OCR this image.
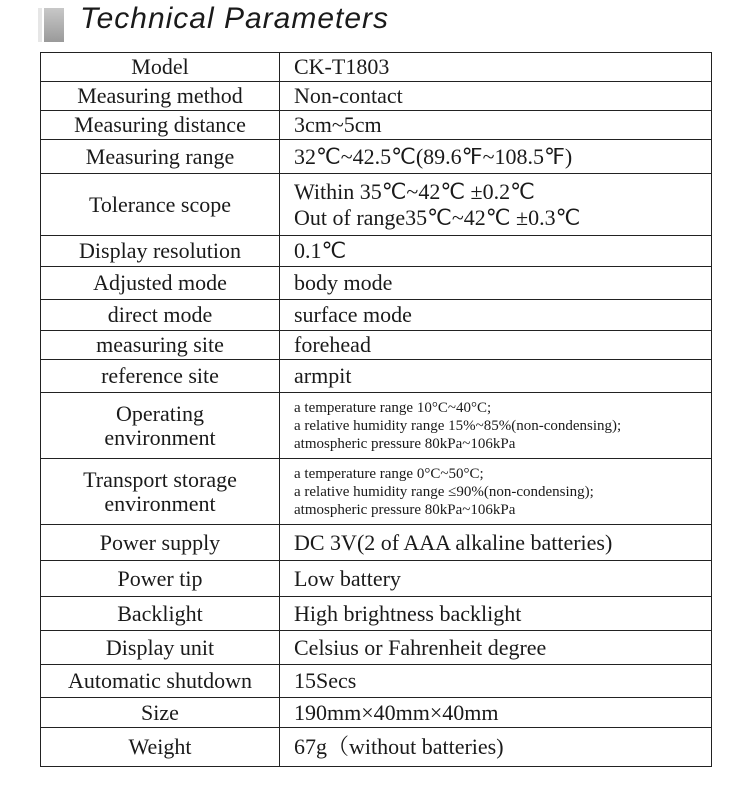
Technical Parameters
Model	CK-T1803
Measuring method	Non-contact
Measuring distance	3cm~5cm
Measuring range	32℃~42.5℃(89.6℉~108.5℉)
Tolerance scope	Within 35℃~42℃ ±0.2℃
Out of range35℃~42℃ ±0.3℃

Display resolution	0.1℃
Adjusted mode	body mode
direct mode	surface mode
measuring site	forehead
reference site	armpit

Operating
environment	a temperature range 10°C~40°C;
a relative humidity range 15%~85%(non-condensing);
atmospheric pressure 80kPa~106kPa

Transport storage
environment	a temperature range 0°C~50°C;
a relative humidity range ≤90%(non-condensing);
atmospheric pressure 80kPa~106kPa

Power supply	DC 3V(2 of AAA alkaline batteries)
Power tip	Low battery
Backlight	High brightness backlight
Display unit	Celsius or Fahrenheit degree
Automatic shutdown	15Secs
Size	190mm×40mm×40mm
Weight	67g（without batteries)
